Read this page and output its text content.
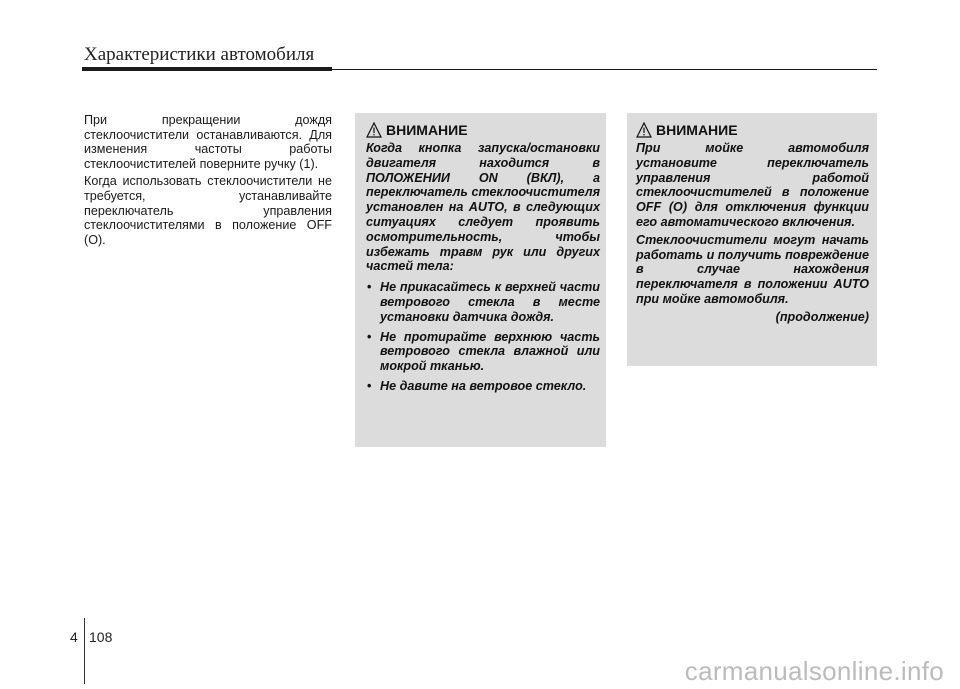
Характеристики автомобиля

При прекращении дождя стеклоочистители останавливаются. Для изменения частоты работы стеклоочистителей поверните ручку (1).

Когда использовать стеклоочистители не требуется, устанавливайте переключатель управления стеклоочистителями в положение OFF (O).

ВНИМАНИЕ

Когда кнопка запуска/остановки двигателя находится в ПОЛОЖЕНИИ ON (ВКЛ), а переключатель стеклоочистителя установлен на AUTO, в следующих ситуациях следует проявить осмотрительность, чтобы избежать травм рук или других частей тела:

• Не прикасайтесь к верхней части ветрового стекла в месте установки датчика дождя.
• Не протирайте верхнюю часть ветрового стекла влажной или мокрой тканью.
• Не давите на ветровое стекло.
ВНИМАНИЕ

При мойке автомобиля установите переключатель управления работой стеклоочистителей в положение OFF (O) для отключения функции его автоматического включения.

Стеклоочистители могут начать работать и получить повреждение в случае нахождения переключателя в положении AUTO при мойке автомобиля.

(продолжение)

4 108
carmanualsonline.info
